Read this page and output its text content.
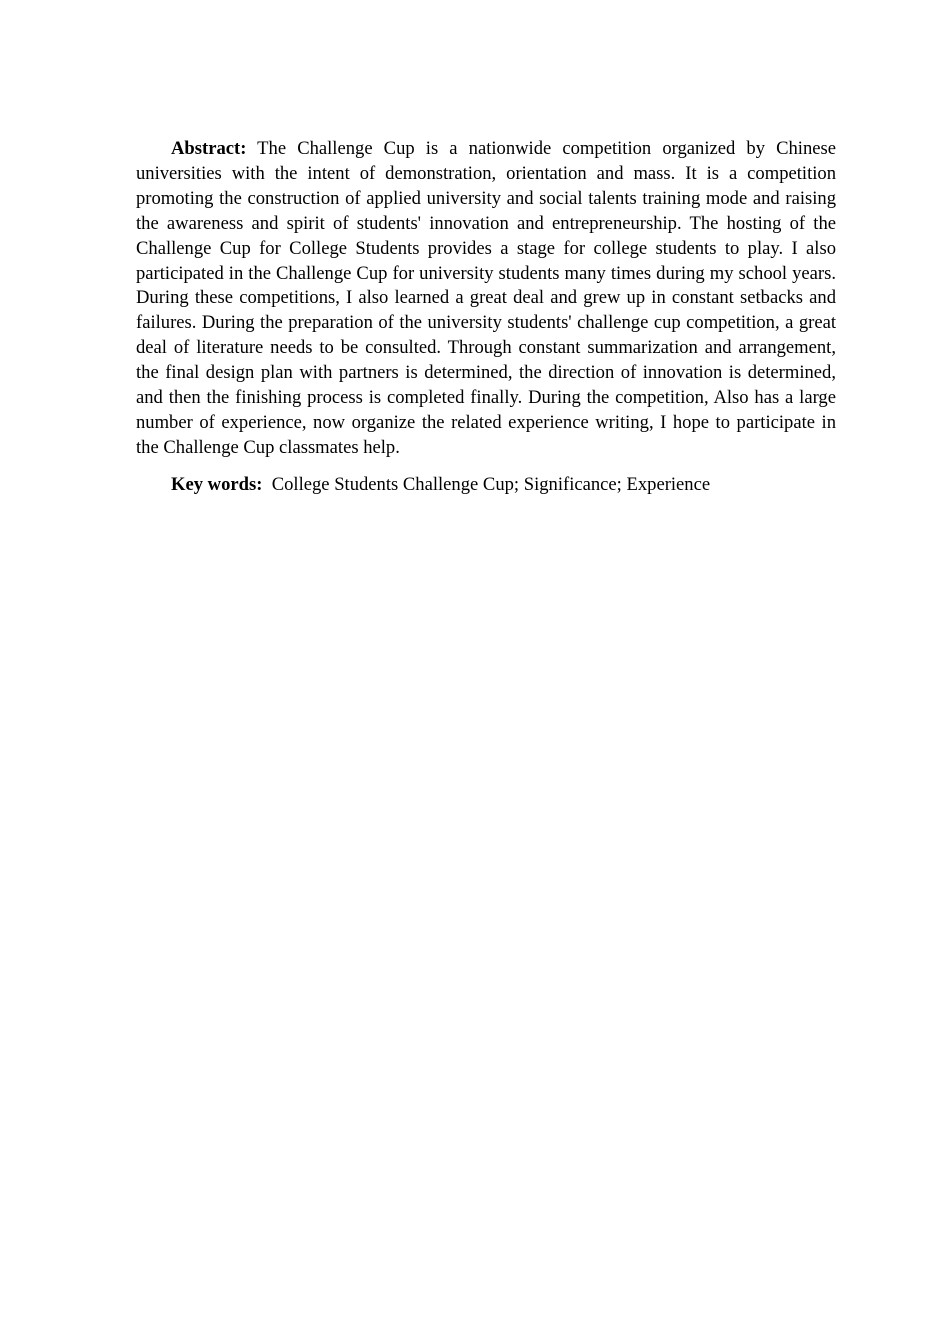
Abstract: The Challenge Cup is a nationwide competition organized by Chinese universities with the intent of demonstration, orientation and mass. It is a competition promoting the construction of applied university and social talents training mode and raising the awareness and spirit of students' innovation and entrepreneurship. The hosting of the Challenge Cup for College Students provides a stage for college students to play. I also participated in the Challenge Cup for university students many times during my school years. During these competitions, I also learned a great deal and grew up in constant setbacks and failures. During the preparation of the university students' challenge cup competition, a great deal of literature needs to be consulted. Through constant summarization and arrangement, the final design plan with partners is determined, the direction of innovation is determined, and then the finishing process is completed finally. During the competition, Also has a large number of experience, now organize the related experience writing, I hope to participate in the Challenge Cup classmates help.

Key words: College Students Challenge Cup; Significance; Experience
